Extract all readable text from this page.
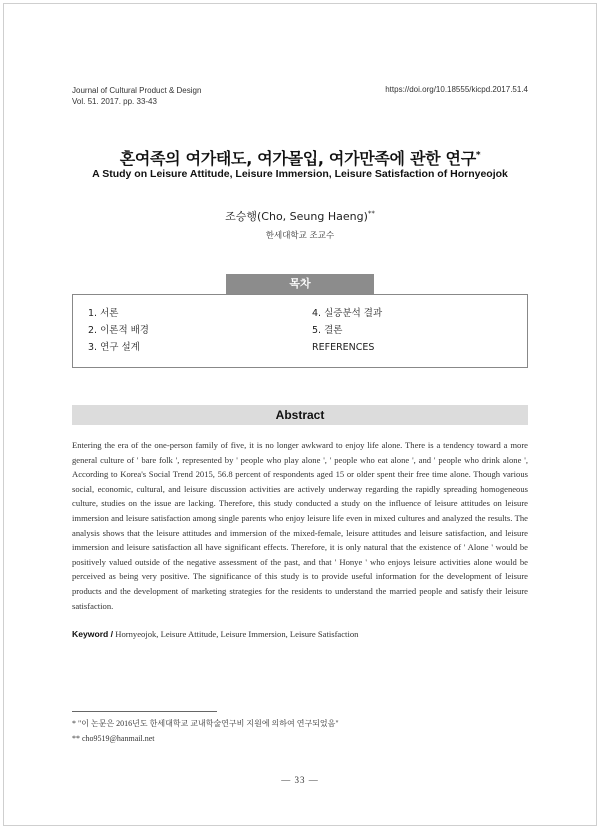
Journal of Cultural Product & Design
Vol. 51. 2017. pp. 33-43
https://doi.org/10.18555/kicpd.2017.51.4
혼여족의 여가태도, 여가몰입, 여가만족에 관한 연구*
A Study on Leisure Attitude, Leisure Immersion, Leisure Satisfaction of Hornyeojok
조승행(Cho, Seung Haeng)**
한세대학교 조교수
목차
1. 서론
2. 이론적 배경
3. 연구 설계
4. 실증분석 결과
5. 결론
REFERENCES
Abstract
Entering the era of the one-person family of five, it is no longer awkward to enjoy life alone. There is a tendency toward a more general culture of ' bare folk ', represented by ' people who play alone ', ' people who eat alone ', and ' people who drink alone ', According to Korea's Social Trend 2015, 56.8 percent of respondents aged 15 or older spent their free time alone. Though various social, economic, cultural, and leisure discussion activities are actively underway regarding the rapidly spreading homogeneous culture, studies on the issue are lacking. Therefore, this study conducted a study on the influence of leisure attitudes on leisure immersion and leisure satisfaction among single parents who enjoy leisure life even in mixed cultures and analyzed the results. The analysis shows that the leisure attitudes and immersion of the mixed-female, leisure attitudes and leisure satisfaction, and leisure immersion and leisure satisfaction all have significant effects. Therefore, it is only natural that the existence of ' Alone ' would be positively valued outside of the negative assessment of the past, and that ' Honye ' who enjoys leisure activities alone would be perceived as being very positive. The significance of this study is to provide useful information for the development of leisure products and the development of marketing strategies for the residents to understand the married people and satisfy their leisure satisfaction.
Keyword / Hornyeojok, Leisure Attitude, Leisure Immersion, Leisure Satisfaction
* "이 논문은 2016년도 한세대학교 교내학술연구비 지원에 의하여 연구되었음"
** cho9519@hanmail.net
— 33 —
